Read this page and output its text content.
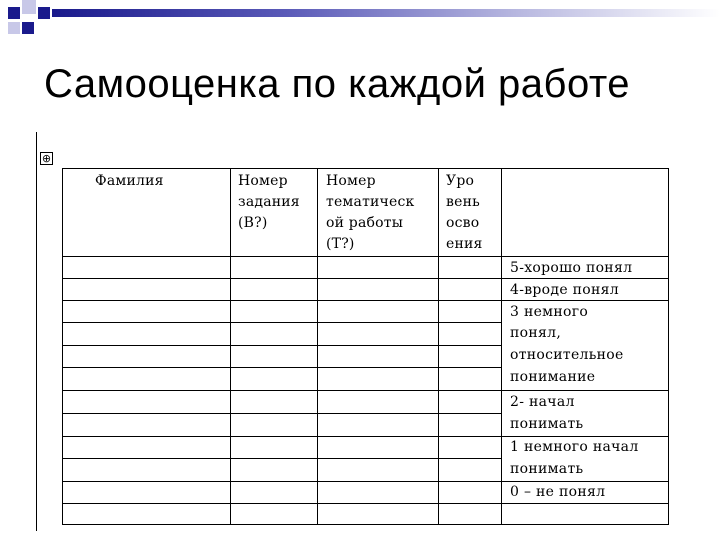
Самооценка по каждой работе
⊕
Фамилия	Номер
задания
(В?)
Номер
тематическ
ой работы
(Т?)
Уро
вень
осво
ения
5-хорошо понял
4-вроде понял
3 немного
понял,
относительное
понимание
2- начал
понимать
1 немного начал
понимать
0 – не понял
